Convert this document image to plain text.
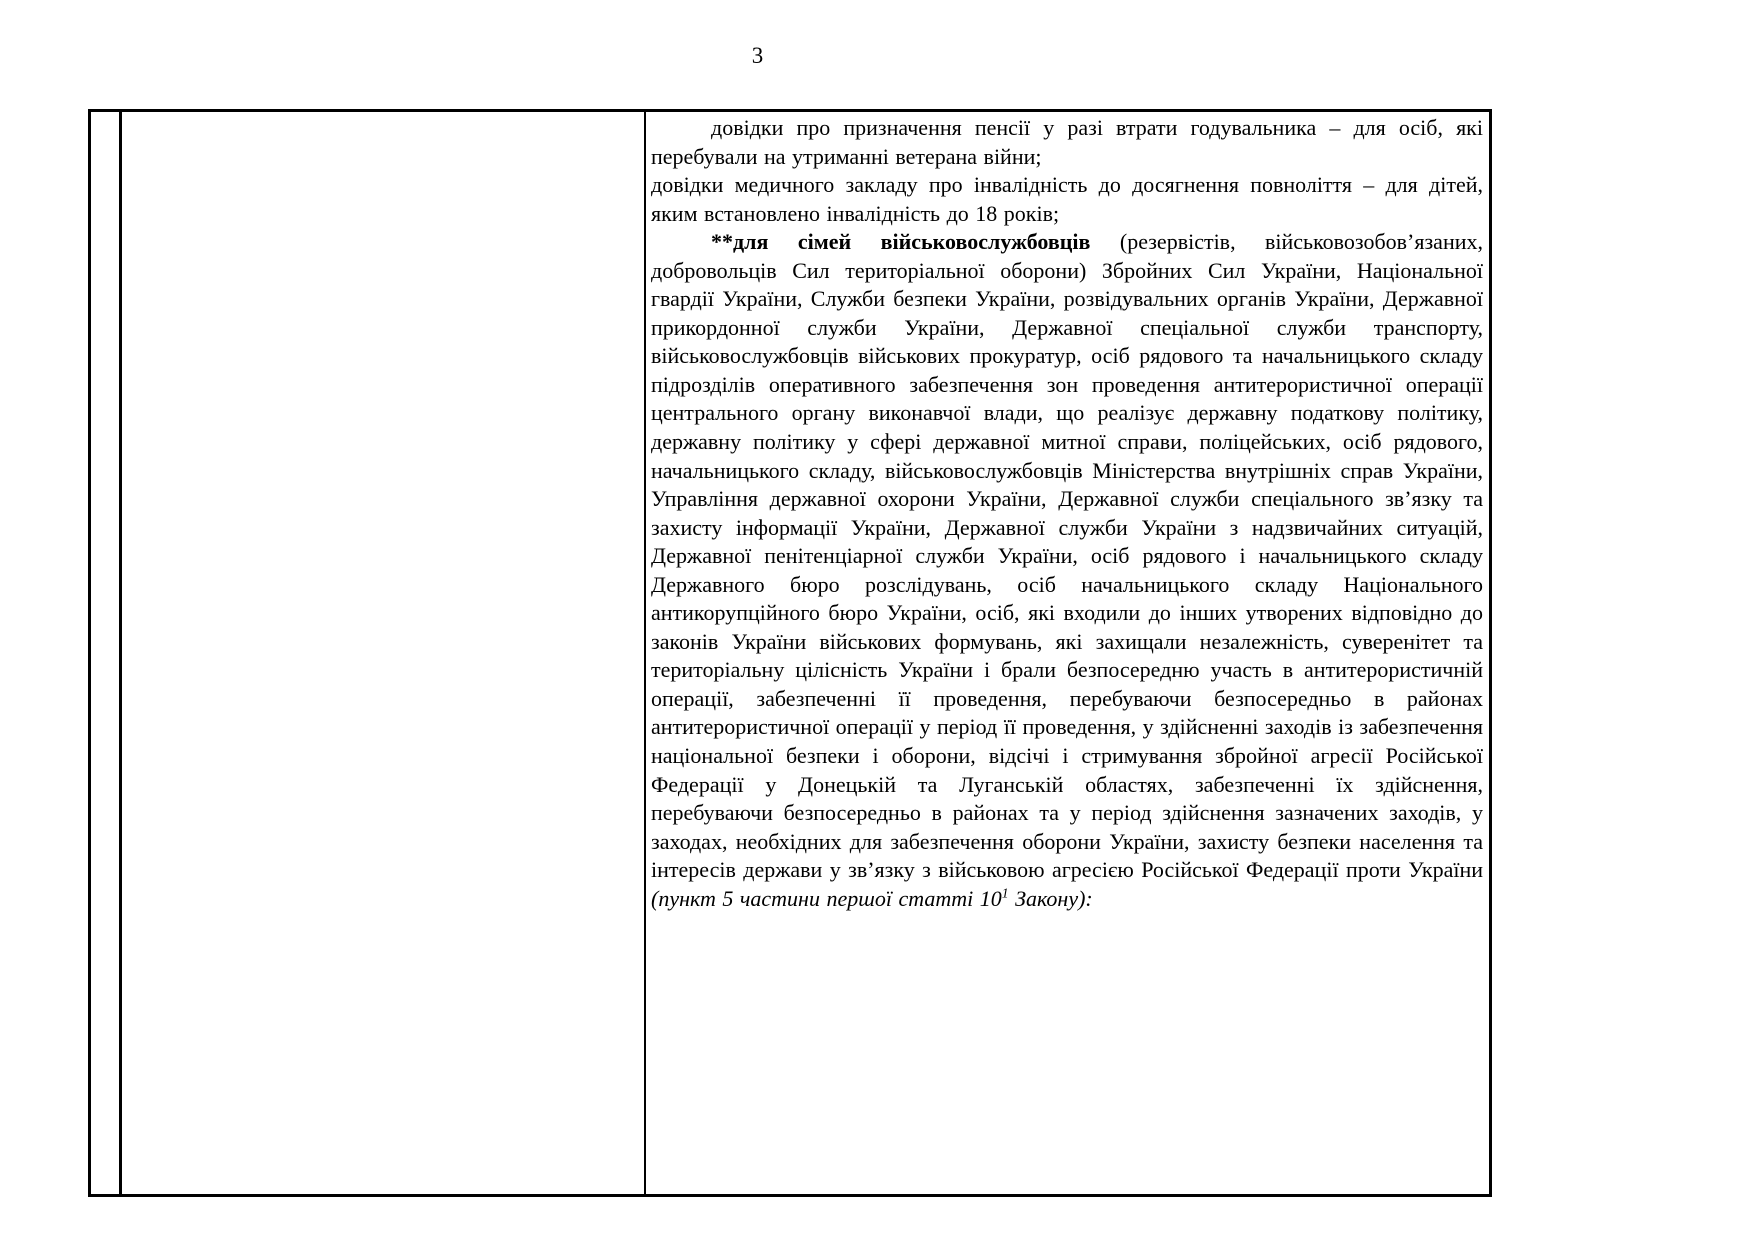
3

довідки про призначення пенсії у разі втрати годувальника – для осіб, які перебували на утриманні ветерана війни;

довідки медичного закладу про інвалідність до досягнення повноліття – для дітей, яким встановлено інвалідність до 18 років;

**для сімей військовослужбовців (резервістів, військовозобов’язаних, добровольців Сил територіальної оборони) Збройних Сил України, Національної гвардії України, Служби безпеки України, розвідувальних органів України, Державної прикордонної служби України, Державної спеціальної служби транспорту, військовослужбовців військових прокуратур, осіб рядового та начальницького складу підрозділів оперативного забезпечення зон проведення антитерористичної операції центрального органу виконавчої влади, що реалізує державну податкову політику, державну політику у сфері державної митної справи, поліцейських, осіб рядового, начальницького складу, військовослужбовців Міністерства внутрішніх справ України, Управління державної охорони України, Державної служби спеціального зв’язку та захисту інформації України, Державної служби України з надзвичайних ситуацій, Державної пенітенціарної служби України, осіб рядового і начальницького складу Державного бюро розслідувань, осіб начальницького складу Національного антикорупційного бюро України, осіб, які входили до інших утворених відповідно до законів України військових формувань, які захищали незалежність, суверенітет та територіальну цілісність України і брали безпосередню участь в антитерористичній операції, забезпеченні її проведення, перебуваючи безпосередньо в районах антитерористичної операції у період її проведення, у здійсненні заходів із забезпечення національної безпеки і оборони, відсічі і стримування збройної агресії Російської Федерації у Донецькій та Луганській областях, забезпеченні їх здійснення, перебуваючи безпосередньо в районах та у період здійснення зазначених заходів, у заходах, необхідних для забезпечення оборони України, захисту безпеки населення та інтересів держави у зв’язку з військовою агресією Російської Федерації проти України (пункт 5 частини першої статті $10^1$ Закону):
